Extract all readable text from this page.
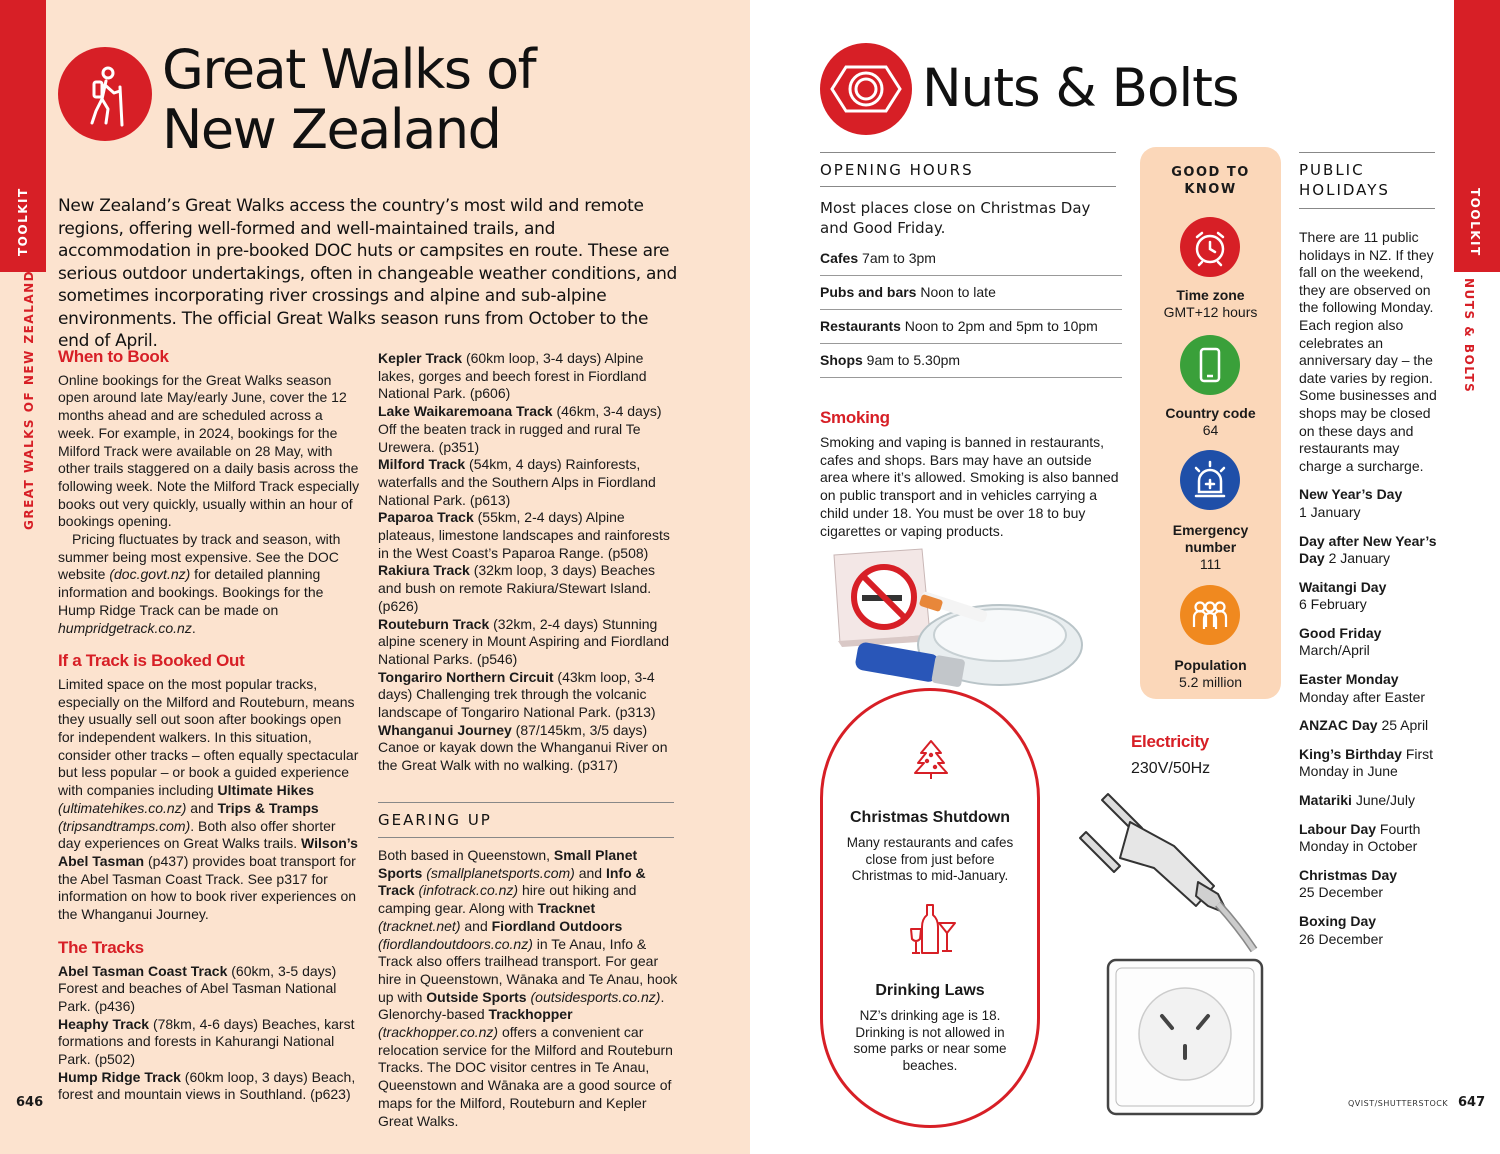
TOOLKIT
GREAT WALKS OF NEW ZEALAND
Great Walks of
New Zealand
New Zealand’s Great Walks access the country’s most wild and remote regions, offering well-formed and well-maintained trails, and accommodation in pre-booked DOC huts or campsites en route. These are serious outdoor undertakings, often in changeable weather conditions, and sometimes incorporating river crossings and alpine and sub-alpine environments. The official Great Walks season runs from October to the end of April.
When to Book
Online bookings for the Great Walks season open around late May/early June, cover the 12 months ahead and are scheduled across a week. For example, in 2024, bookings for the Milford Track were available on 28 May, with other trails staggered on a daily basis across the following week. Note the Milford Track especially books out very quickly, usually within an hour of bookings opening.
Pricing fluctuates by track and season, with summer being most expensive. See the DOC website (doc.govt.nz) for detailed planning information and bookings. Bookings for the Hump Ridge Track can be made on humpridgetrack.co.nz.
If a Track is Booked Out
Limited space on the most popular tracks, especially on the Milford and Routeburn, means they usually sell out soon after bookings open for independent walkers. In this situation, consider other tracks – often equally spectacular but less popular – or book a guided experience with companies including Ultimate Hikes (ultimatehikes.co.nz) and Trips & Tramps (tripsandtramps.com). Both also offer shorter day experiences on Great Walks trails. Wilson’s Abel Tasman (p437) provides boat transport for the Abel Tasman Coast Track. See p317 for information on how to book river experiences on the Whanganui Journey.
The Tracks
Abel Tasman Coast Track (60km, 3-5 days) Forest and beaches of Abel Tasman National Park. (p436)
Heaphy Track (78km, 4-6 days) Beaches, karst formations and forests in Kahurangi National Park. (p502)
Hump Ridge Track (60km loop, 3 days) Beach, forest and mountain views in Southland. (p623)
Kepler Track (60km loop, 3-4 days) Alpine lakes, gorges and beech forest in Fiordland National Park. (p606)
Lake Waikaremoana Track (46km, 3-4 days) Off the beaten track in rugged and rural Te Urewera. (p351)
Milford Track (54km, 4 days) Rainforests, waterfalls and the Southern Alps in Fiordland National Park. (p613)
Paparoa Track (55km, 2-4 days) Alpine plateaus, limestone landscapes and rainforests in the West Coast’s Paparoa Range. (p508)
Rakiura Track (32km loop, 3 days) Beaches and bush on remote Rakiura/Stewart Island. (p626)
Routeburn Track (32km, 2-4 days) Stunning alpine scenery in Mount Aspiring and Fiordland National Parks. (p546)
Tongariro Northern Circuit (43km loop, 3-4 days) Challenging trek through the volcanic landscape of Tongariro National Park. (p313)
Whanganui Journey (87/145km, 3/5 days) Canoe or kayak down the Whanganui River on the Great Walk with no walking. (p317)
GEARING UP
Both based in Queenstown, Small Planet Sports (smallplanetsports.com) and Info & Track (infotrack.co.nz) hire out hiking and camping gear. Along with Tracknet (tracknet.net) and Fiordland Outdoors (fiordlandoutdoors.co.nz) in Te Anau, Info & Track also offers trailhead transport. For gear hire in Queenstown, Wānaka and Te Anau, hook up with Outside Sports (outsidesports.co.nz). Glenorchy-based Trackhopper (trackhopper.co.nz) offers a convenient car relocation service for the Milford and Routeburn Tracks. The DOC visitor centres in Te Anau, Queenstown and Wānaka are a good source of maps for the Milford, Routeburn and Kepler Great Walks.
646
TOOLKIT
NUTS & BOLTS
Nuts & Bolts
OPENING HOURS
Most places close on Christmas Day and Good Friday.
Cafes 7am to 3pm
Pubs and bars Noon to late
Restaurants Noon to 2pm and 5pm to 10pm
Shops 9am to 5.30pm
Smoking
Smoking and vaping is banned in restaurants, cafes and shops. Bars may have an outside area where it’s allowed. Smoking is also banned on public transport and in vehicles carrying a child under 18. You must be over 18 to buy cigarettes or vaping products.
GOOD TO KNOW
Time zone
GMT+12 hours
Country code
64
Emergency number
111
Population
5.2 million
Christmas Shutdown
Many restaurants and cafes close from just before Christmas to mid-January.
Drinking Laws
NZ’s drinking age is 18. Drinking is not allowed in some parks or near some beaches.
Electricity
230V/50Hz
PUBLIC HOLIDAYS
There are 11 public holidays in NZ. If they fall on the weekend, they are observed on the following Monday. Each region also celebrates an anniversary day – the date varies by region. Some businesses and shops may be closed on these days and restaurants may charge a surcharge.
New Year’s Day
1 January
Day after New Year’s Day 2 January
Waitangi Day
6 February
Good Friday
March/April
Easter Monday
Monday after Easter
ANZAC Day 25 April
King’s Birthday First Monday in June
Matariki June/July
Labour Day Fourth Monday in October
Christmas Day
25 December
Boxing Day
26 December
QVIST/SHUTTERSTOCK 647
